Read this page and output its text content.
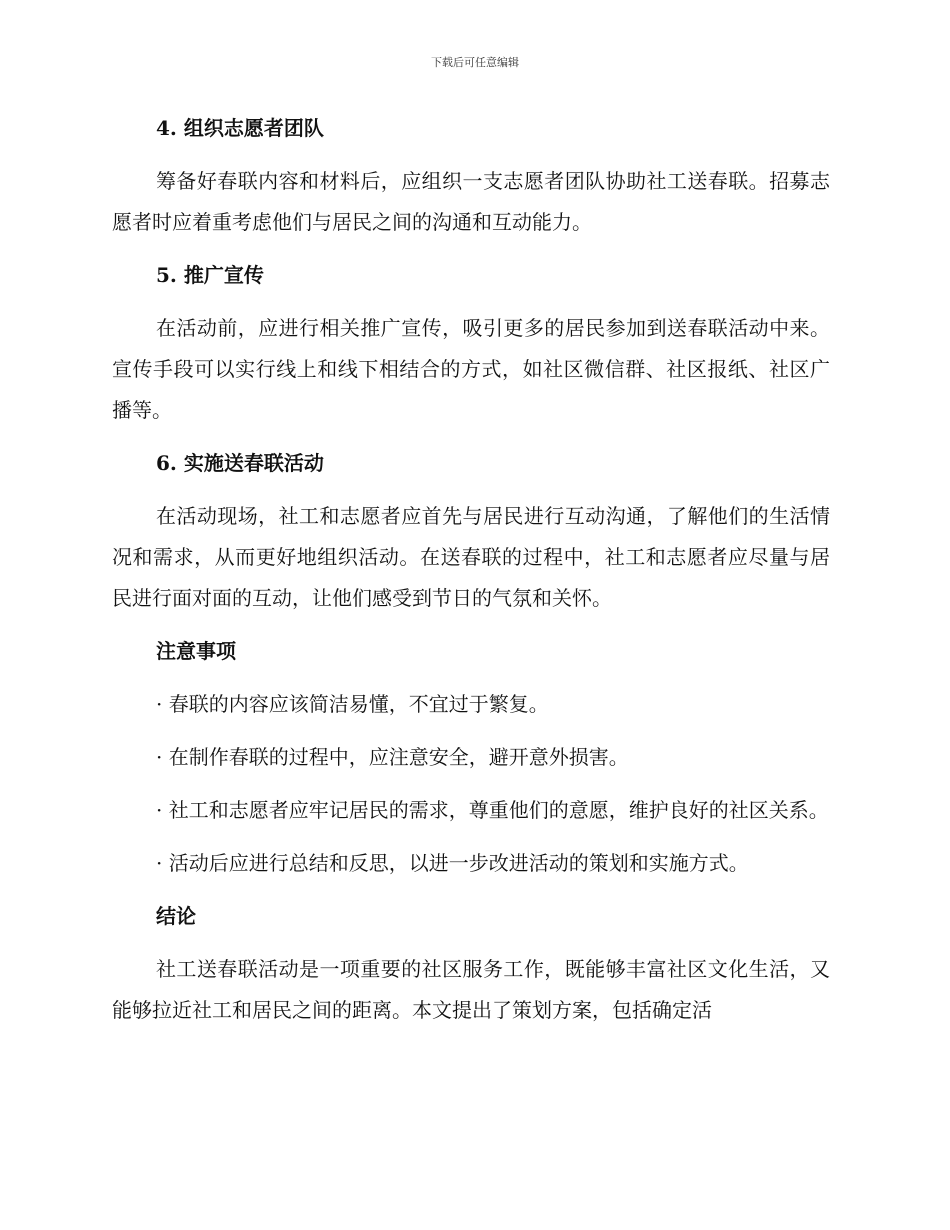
下载后可任意编辑
4. 组织志愿者团队

筹备好春联内容和材料后，应组织一支志愿者团队协助社工送春联。招募志愿者时应着重考虑他们与居民之间的沟通和互动能力。

5. 推广宣传

在活动前，应进行相关推广宣传，吸引更多的居民参加到送春联活动中来。宣传手段可以实行线上和线下相结合的方式，如社区微信群、社区报纸、社区广播等。

6. 实施送春联活动

在活动现场，社工和志愿者应首先与居民进行互动沟通，了解他们的生活情况和需求，从而更好地组织活动。在送春联的过程中，社工和志愿者应尽量与居民进行面对面的互动，让他们感受到节日的气氛和关怀。

注意事项

· 春联的内容应该简洁易懂，不宜过于繁复。

· 在制作春联的过程中，应注意安全，避开意外损害。

· 社工和志愿者应牢记居民的需求，尊重他们的意愿，维护良好的社区关系。

· 活动后应进行总结和反思，以进一步改进活动的策划和实施方式。

结论

社工送春联活动是一项重要的社区服务工作，既能够丰富社区文化生活，又能够拉近社工和居民之间的距离。本文提出了策划方案，包括确定活
